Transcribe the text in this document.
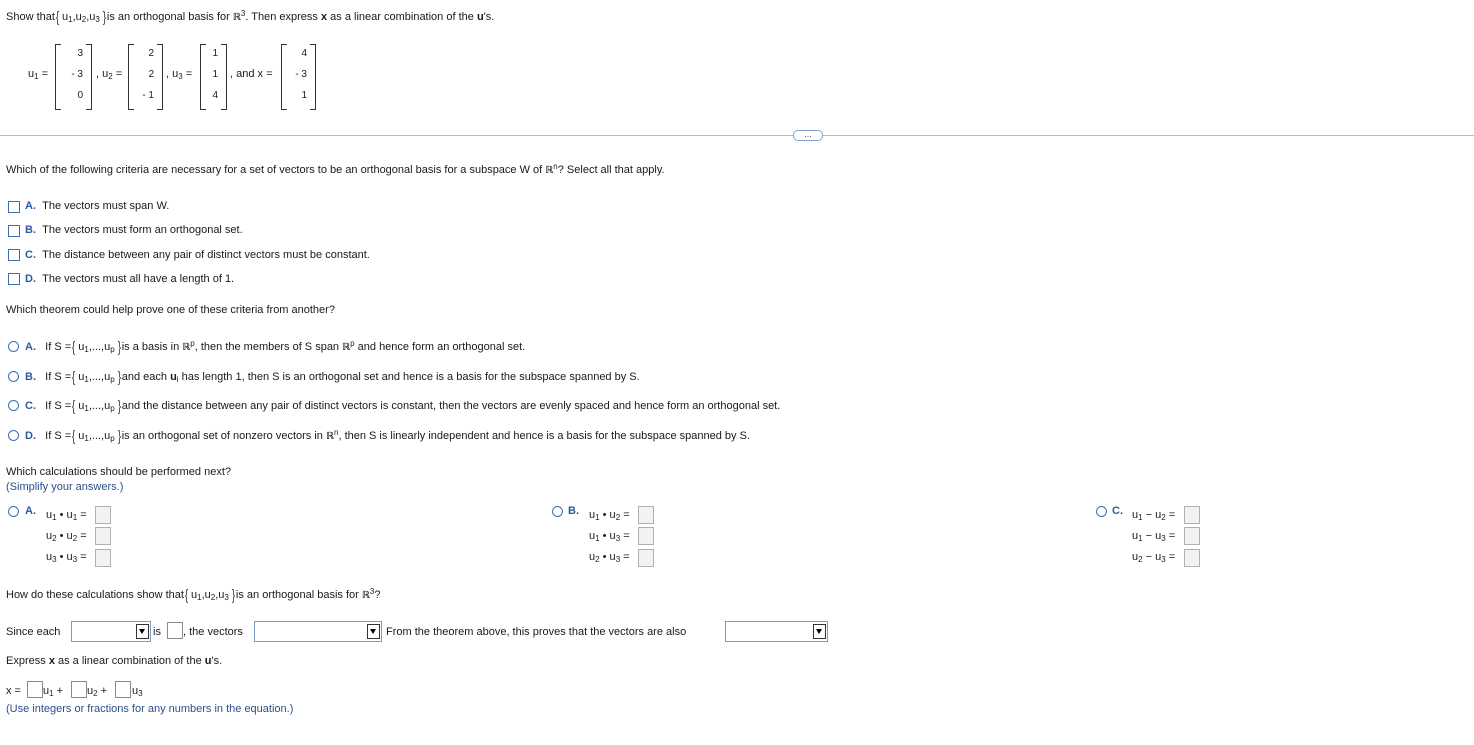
Show that { $u_1,u_2,u_3$ } is an orthogonal basis for ℝ$^3$. Then express x as a linear combination of the u's.
$u_1$ =
3
- 3
0
, $u_2$ =
2
2
- 1
, $u_3$ =
1
1
4
, and x =
4
- 3
1
...
Which of the following criteria are necessary for a set of vectors to be an orthogonal basis for a subspace W of ℝ$^n$? Select all that apply.
A. The vectors must span W.
B. The vectors must form an orthogonal set.
C. The distance between any pair of distinct vectors must be constant.
D. The vectors must all have a length of 1.
Which theorem could help prove one of these criteria from another?
A. If S = { $u_1,...,u_p$ } is a basis in ℝ$^p$, then the members of S span ℝ$^p$ and hence form an orthogonal set.
B. If S = { $u_1,...,u_p$ } and each $u_i$ has length 1, then S is an orthogonal set and hence is a basis for the subspace spanned by S.
C. If S = { $u_1,...,u_p$ } and the distance between any pair of distinct vectors is constant, then the vectors are evenly spaced and hence form an orthogonal set.
D. If S = { $u_1,...,u_p$ } is an orthogonal set of nonzero vectors in ℝ$^n$, then S is linearly independent and hence is a basis for the subspace spanned by S.
Which calculations should be performed next?
(Simplify your answers.)
A. $u_1$ • $u_1$ =
$u_2$ • $u_2$ =
$u_3$ • $u_3$ =
B. $u_1$ • $u_2$ =
$u_1$ • $u_3$ =
$u_2$ • $u_3$ =
C. $u_1 - u_2$ =
$u_1 - u_3$ =
$u_2 - u_3$ =
How do these calculations show that { $u_1,u_2,u_3$ } is an orthogonal basis for ℝ$^3$?
Since each	is , the vectors	From the theorem above, this proves that the vectors are also
Express x as a linear combination of the u's.
$x = u_1 + u_2 + u_3$
(Use integers or fractions for any numbers in the equation.)
